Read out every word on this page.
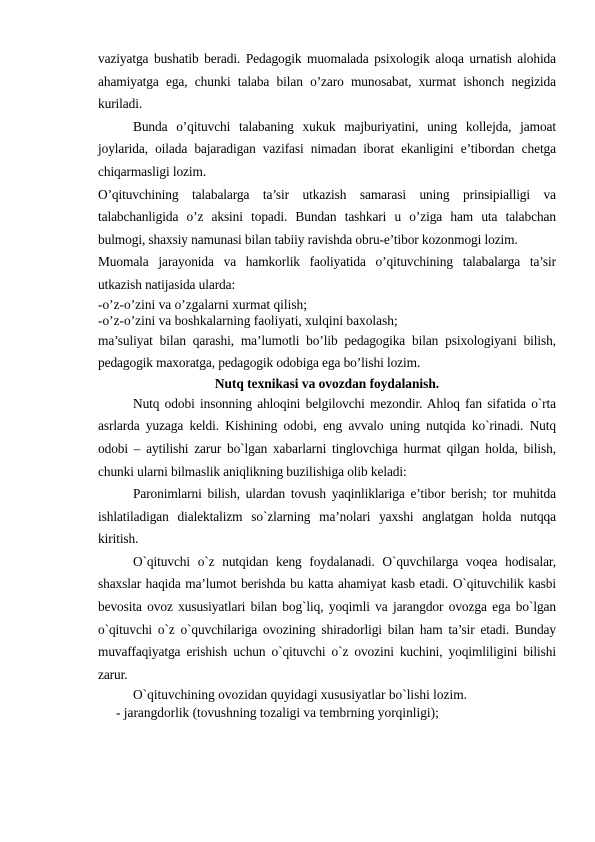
vaziyatga bushatib beradi. Pedagogik muomalada psixologik aloqa urnatish alohida ahamiyatga ega, chunki talaba bilan o’zaro munosabat, xurmat ishonch negizida kuriladi.

Bunda o’qituvchi talabaning xukuk majburiyatini, uning kollejda, jamoat joylarida, oilada bajaradigan vazifasi nimadan iborat ekanligini e’tibordan chetga chiqarmasligi lozim.

O’qituvchining talabalarga ta’sir utkazish samarasi uning prinsipialligi va talabchanligida o’z aksini topadi. Bundan tashkari u o’ziga ham uta talabchan bulmogi, shaxsiy namunasi bilan tabiiy ravishda obru-e’tibor kozonmogi lozim.

Muomala jarayonida va hamkorlik faoliyatida o’qituvchining talabalarga ta’sir utkazish natijasida ularda:

-o’z-o’zini va o’zgalarni xurmat qilish;

-o’z-o’zini va boshkalarning faoliyati, xulqini baxolash;

ma’suliyat bilan qarashi, ma’lumotli bo’lib pedagogika bilan psixologiyani bilish, pedagogik maxoratga, pedagogik odobiga ega bo’lishi lozim.

Nutq texnikasi va ovozdan foydalanish.

Nutq odobi insonning ahloqini belgilovchi mezondir. Ahloq fan sifatida o`rta asrlarda yuzaga keldi. Kishining odobi, eng avvalo uning nutqida ko`rinadi. Nutq odobi – aytilishi zarur bo`lgan xabarlarni tinglovchiga hurmat qilgan holda, bilish, chunki ularni bilmaslik aniqlikning buzilishiga olib keladi:

Paronimlarni bilish, ulardan tovush yaqinliklariga e’tibor berish; tor muhitda ishlatiladigan dialektalizm so`zlarning ma’nolari yaxshi anglatgan holda nutqqa kiritish.

O`qituvchi o`z nutqidan keng foydalanadi. O`quvchilarga voqea hodisalar, shaxslar haqida ma’lumot berishda bu katta ahamiyat kasb etadi. O`qituvchilik kasbi bevosita ovoz xususiyatlari bilan bog`liq, yoqimli va jarangdor ovozga ega bo`lgan o`qituvchi o`z o`quvchilariga ovozining shiradorligi bilan ham ta’sir etadi. Bunday muvaffaqiyatga erishish uchun o`qituvchi o`z ovozini kuchini, yoqimliligini bilishi zarur.

O`qituvchining ovozidan quyidagi xususiyatlar bo`lishi lozim.

- jarangdorlik (tovushning tozaligi va tembrning yorqinligi);
